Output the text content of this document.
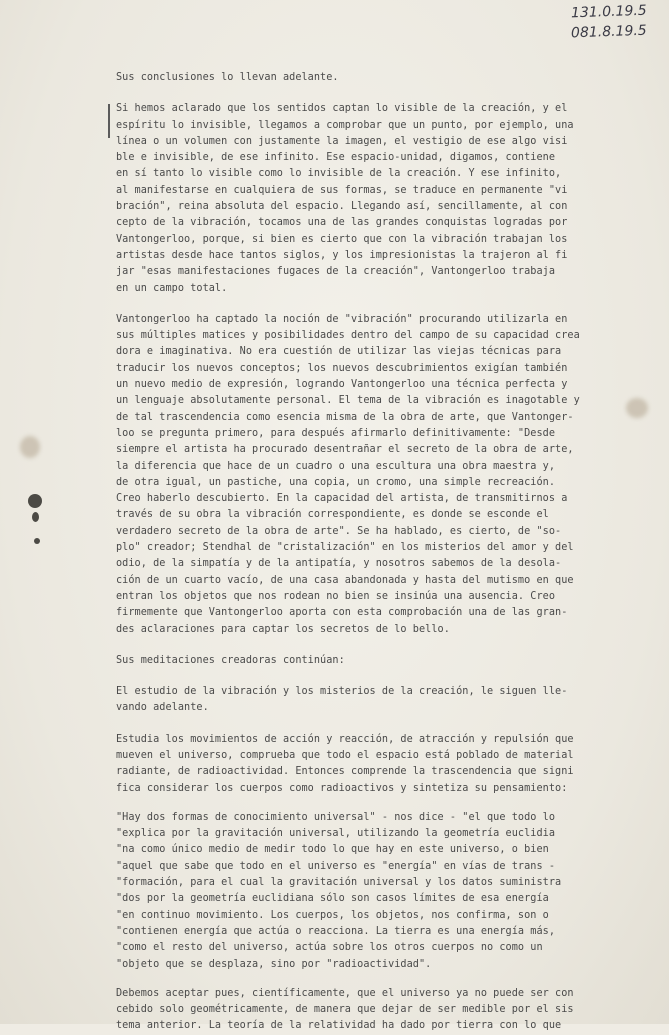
131.0.19.5
081.8.19.5
Sus conclusiones lo llevan adelante.
Si hemos aclarado que los sentidos captan lo visible de la creación, y el
espíritu lo invisible, llegamos a comprobar que un punto, por ejemplo, una
línea o un volumen con justamente la imagen, el vestigio de ese algo visi
ble e invisible, de ese infinito. Ese espacio-unidad, digamos, contiene
en sí tanto lo visible como lo invisible de la creación. Y ese infinito,
al manifestarse en cualquiera de sus formas, se traduce en permanente "vi
bración", reina absoluta del espacio. Llegando así, sencillamente, al con
cepto de la vibración, tocamos una de las grandes conquistas logradas por
Vantongerloo, porque, si bien es cierto que con la vibración trabajan los
artistas desde hace tantos siglos, y los impresionistas la trajeron al fi
jar "esas manifestaciones fugaces de la creación", Vantongerloo trabaja
en un campo total.
Vantongerloo ha captado la noción de "vibración" procurando utilizarla en
sus múltiples matices y posibilidades dentro del campo de su capacidad crea
dora e imaginativa. No era cuestión de utilizar las viejas técnicas para
traducir los nuevos conceptos; los nuevos descubrimientos exigían también
un nuevo medio de expresión, logrando Vantongerloo una técnica perfecta y
un lenguaje absolutamente personal. El tema de la vibración es inagotable y
de tal trascendencia como esencia misma de la obra de arte, que Vantonger-
loo se pregunta primero, para después afirmarlo definitivamente: "Desde
siempre el artista ha procurado desentrañar el secreto de la obra de arte,
la diferencia que hace de un cuadro o una escultura una obra maestra y,
de otra igual, un pastiche, una copia, un cromo, una simple recreación.
Creo haberlo descubierto. En la capacidad del artista, de transmitirnos a
través de su obra la vibración correspondiente, es donde se esconde el
verdadero secreto de la obra de arte". Se ha hablado, es cierto, de "so-
plo" creador; Stendhal de "cristalización" en los misterios del amor y del
odio, de la simpatía y de la antipatía, y nosotros sabemos de la desola-
ción de un cuarto vacío, de una casa abandonada y hasta del mutismo en que
entran los objetos que nos rodean no bien se insinúa una ausencia. Creo
firmemente que Vantongerloo aporta con esta comprobación una de las gran-
des aclaraciones para captar los secretos de lo bello.
Sus meditaciones creadoras continúan:
El estudio de la vibración y los misterios de la creación, le siguen lle-
vando adelante.
Estudia los movimientos de acción y reacción, de atracción y repulsión que
mueven el universo, comprueba que todo el espacio está poblado de material
radiante, de radioactividad. Entonces comprende la trascendencia que signi
fica considerar los cuerpos como radioactivos y sintetiza su pensamiento:
"Hay dos formas de conocimiento universal" - nos dice - "el que todo lo
"explica por la gravitación universal, utilizando la geometría euclidia
"na como único medio de medir todo lo que hay en este universo, o bien
"aquel que sabe que todo en el universo es "energía" en vías de trans -
"formación, para el cual la gravitación universal y los datos suministra
"dos por la geometría euclidiana sólo son casos límites de esa energía
"en continuo movimiento. Los cuerpos, los objetos, nos confirma, son o
"contienen energía que actúa o reacciona. La tierra es una energía más,
"como el resto del universo, actúa sobre los otros cuerpos no como un
"objeto que se desplaza, sino por "radioactividad".
Debemos aceptar pues, científicamente, que el universo ya no puede ser con
cebido solo geométricamente, de manera que dejar de ser medible por el sis
tema anterior. La teoría de la relatividad ha dado por tierra con lo que
